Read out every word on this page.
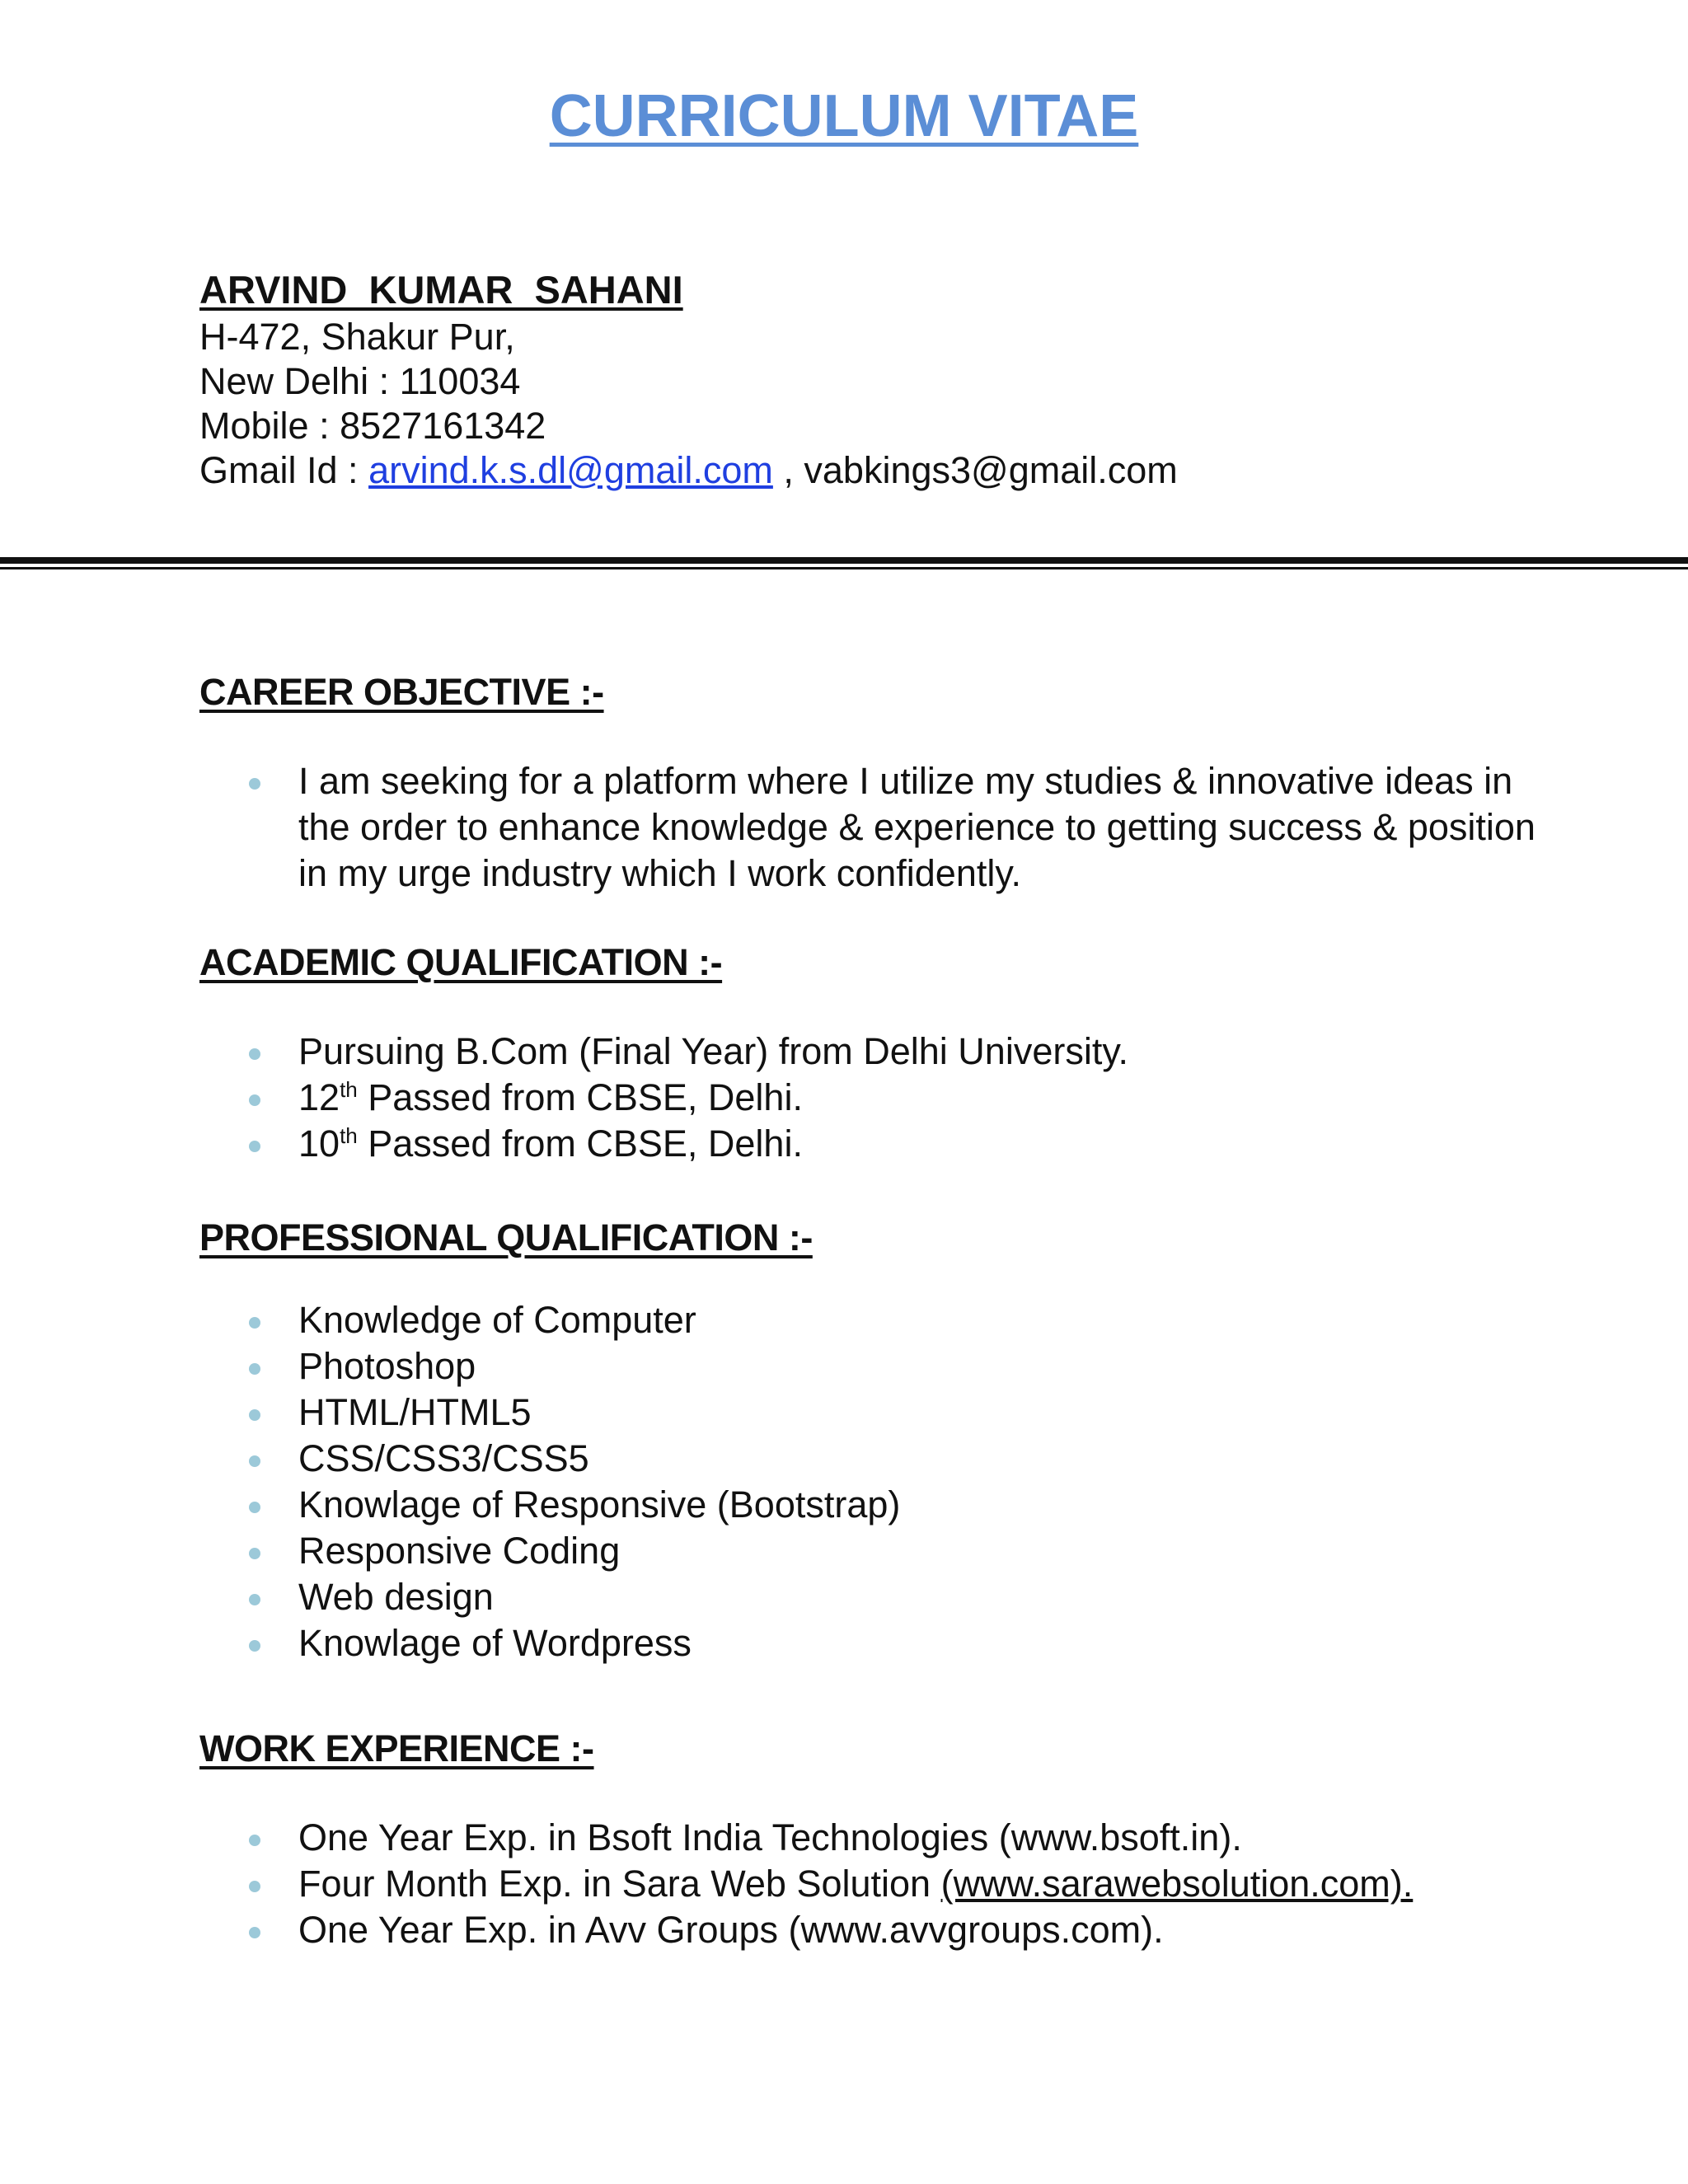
CURRICULUM VITAE
ARVIND  KUMAR  SAHANI
H-472, Shakur Pur,
New Delhi : 110034
Mobile : 8527161342
Gmail Id : arvind.k.s.dl@gmail.com , vabkings3@gmail.com
CAREER OBJECTIVE :-
I am seeking for a platform where I utilize my studies & innovative ideas in the order to enhance knowledge & experience to getting success & position in my urge industry which I work confidently.
ACADEMIC QUALIFICATION :-
Pursuing B.Com (Final Year) from Delhi University.
12th Passed from CBSE, Delhi.
10th Passed from CBSE, Delhi.
PROFESSIONAL QUALIFICATION :-
Knowledge of Computer
Photoshop
HTML/HTML5
CSS/CSS3/CSS5
Knowlage of Responsive (Bootstrap)
Responsive Coding
Web design
Knowlage of Wordpress
WORK EXPERIENCE :-
One Year Exp. in Bsoft India Technologies (www.bsoft.in).
Four Month Exp. in Sara Web Solution (www.sarawebsolution.com).
One Year Exp. in Avv Groups (www.avvgroups.com).
